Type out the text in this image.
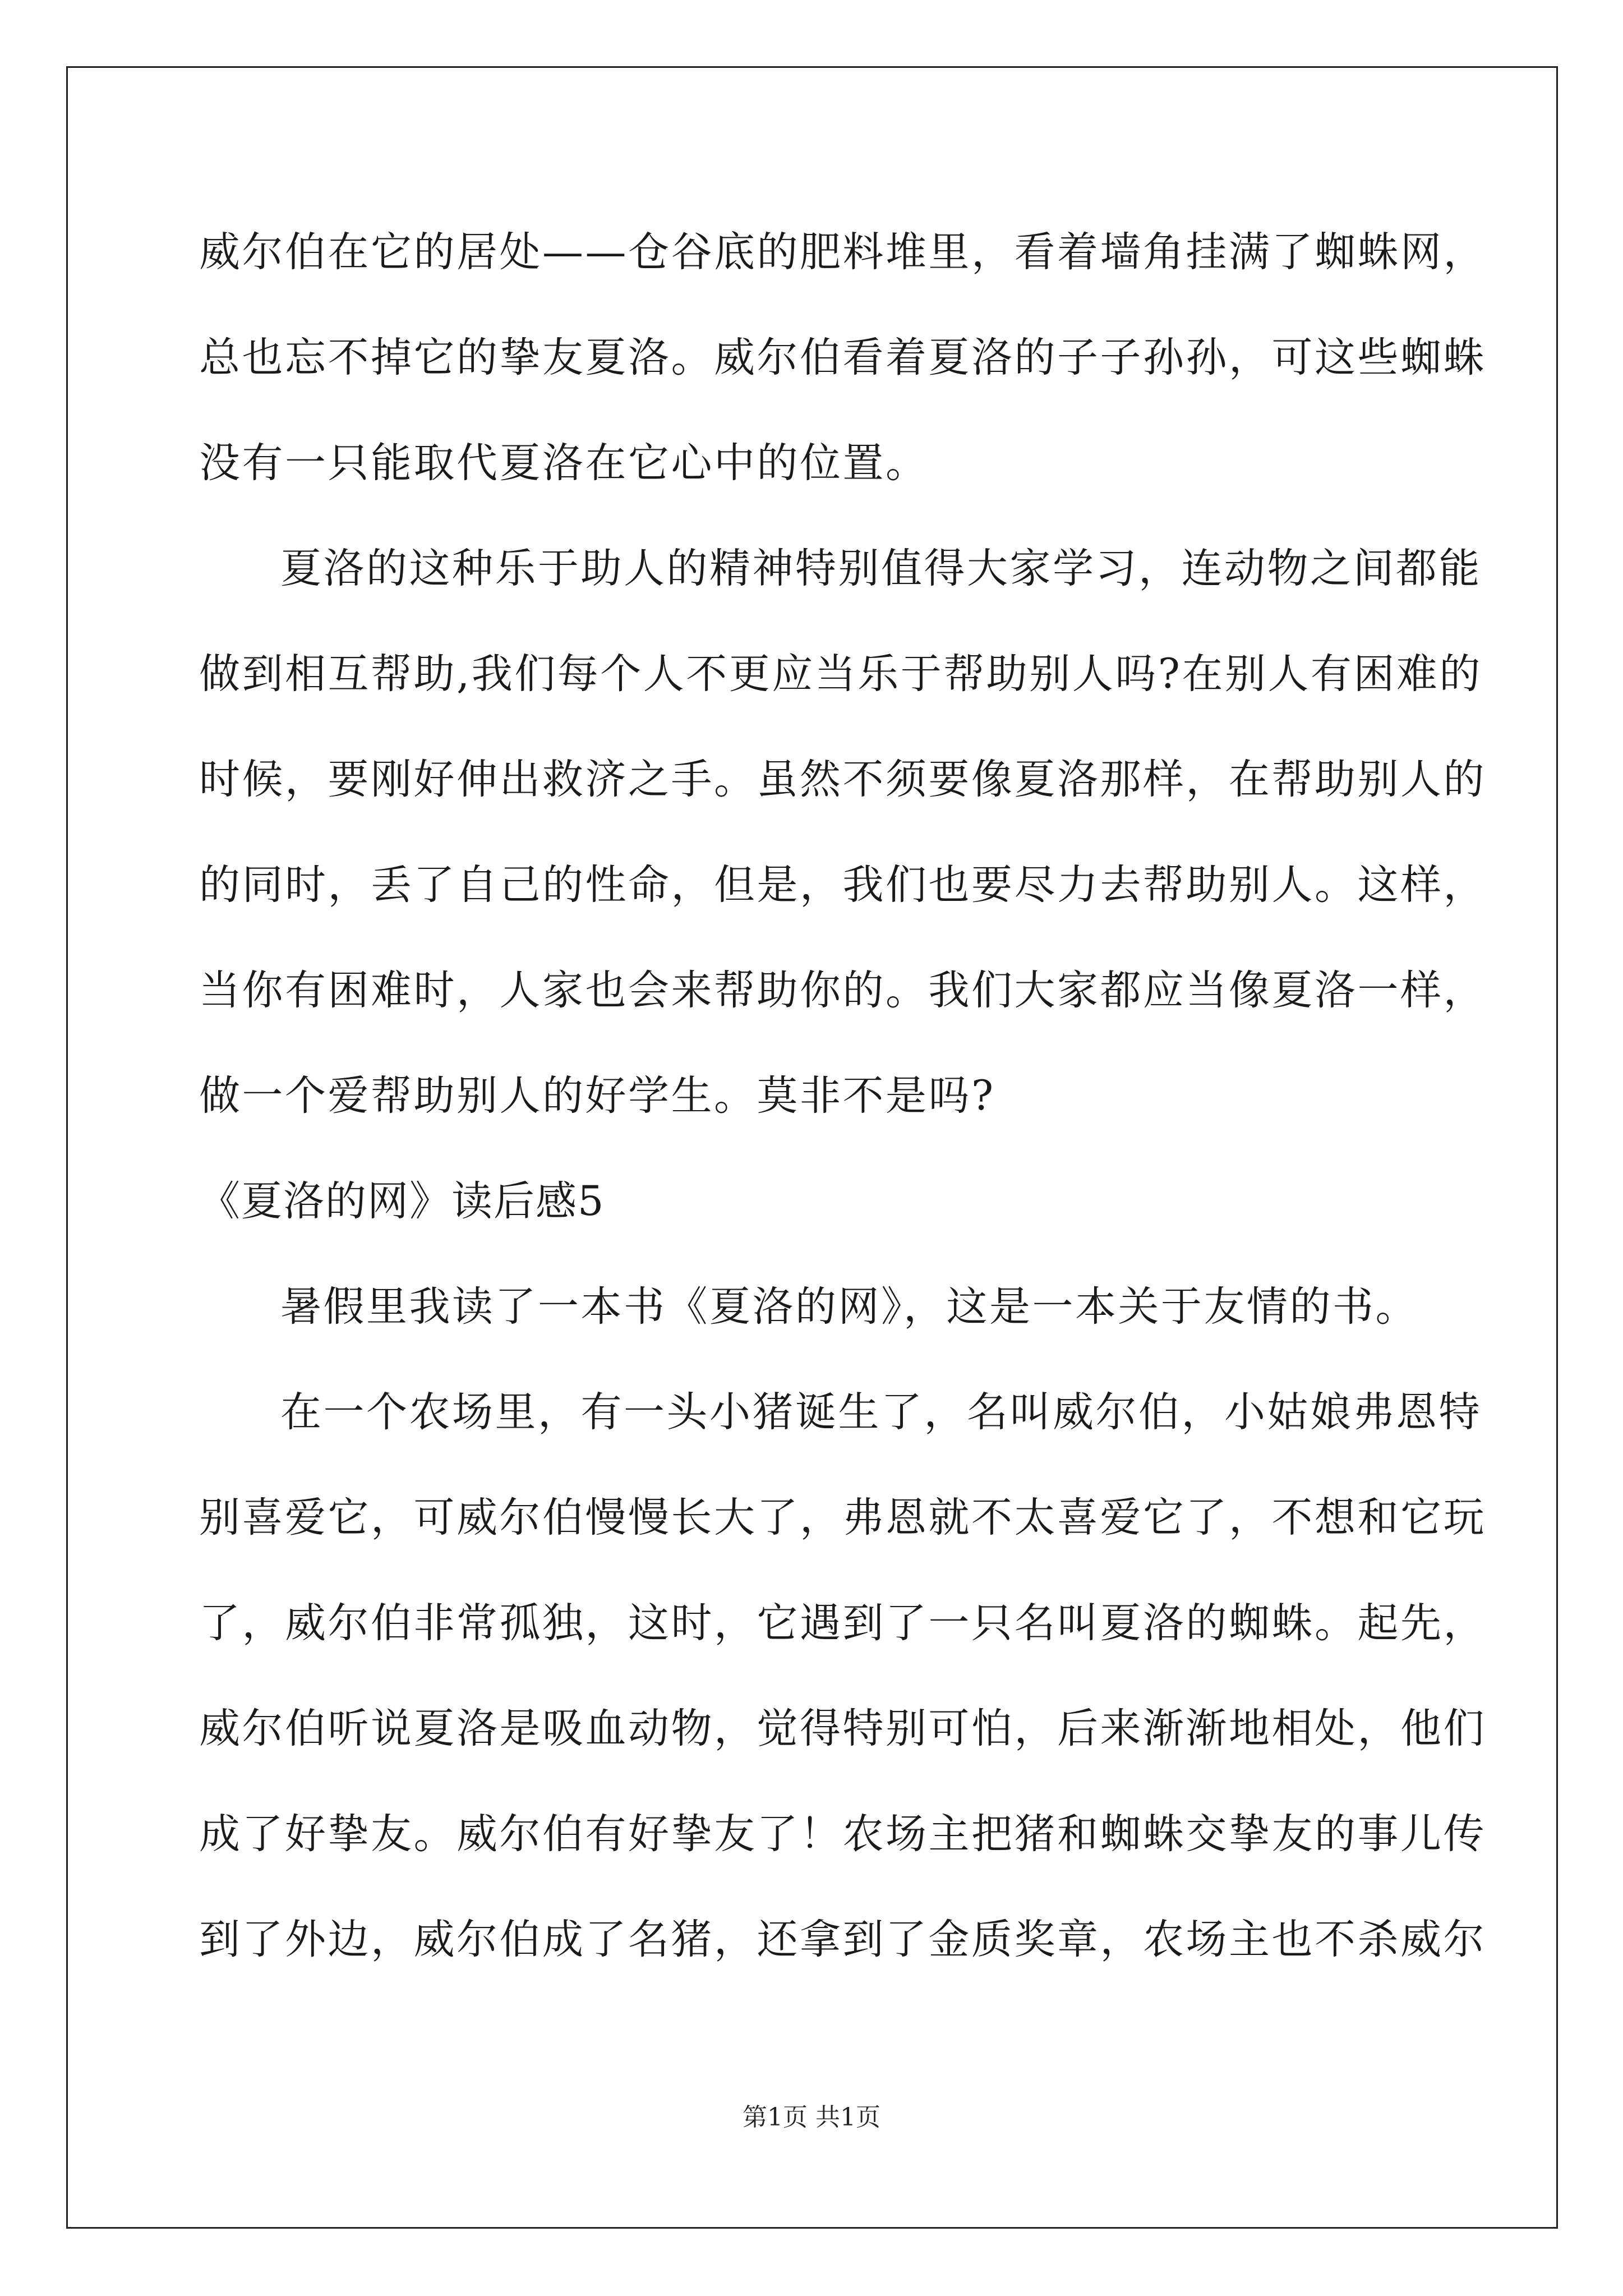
威尔伯在它的居处——仓谷底的肥料堆里，看着墙角挂满了蜘蛛网，
总也忘不掉它的挚友夏洛。威尔伯看着夏洛的子子孙孙，可这些蜘蛛
没有一只能取代夏洛在它心中的位置。
夏洛的这种乐于助人的精神特别值得大家学习，连动物之间都能
做到相互帮助,我们每个人不更应当乐于帮助别人吗?在别人有困难的
时候，要刚好伸出救济之手。虽然不须要像夏洛那样，在帮助别人的
的同时，丢了自己的性命，但是，我们也要尽力去帮助别人。这样，
当你有困难时，人家也会来帮助你的。我们大家都应当像夏洛一样，
做一个爱帮助别人的好学生。莫非不是吗?
《夏洛的网》读后感5
暑假里我读了一本书《夏洛的网》，这是一本关于友情的书。
在一个农场里，有一头小猪诞生了，名叫威尔伯，小姑娘弗恩特
别喜爱它，可威尔伯慢慢长大了，弗恩就不太喜爱它了，不想和它玩
了，威尔伯非常孤独，这时，它遇到了一只名叫夏洛的蜘蛛。起先，
威尔伯听说夏洛是吸血动物，觉得特别可怕，后来渐渐地相处，他们
成了好挚友。威尔伯有好挚友了！农场主把猪和蜘蛛交挚友的事儿传
到了外边，威尔伯成了名猪，还拿到了金质奖章，农场主也不杀威尔
第1页 共1页
